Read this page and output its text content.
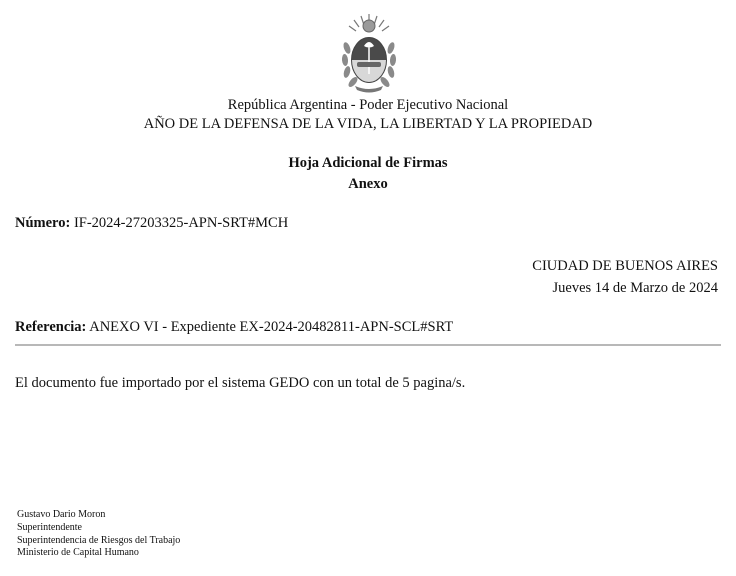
República Argentina - Poder Ejecutivo Nacional
AÑO DE LA DEFENSA DE LA VIDA, LA LIBERTAD Y LA PROPIEDAD
Hoja Adicional de Firmas
Anexo
Número: IF-2024-27203325-APN-SRT#MCH
CIUDAD DE BUENOS AIRES
Jueves 14 de Marzo de 2024
Referencia: ANEXO VI - Expediente EX-2024-20482811-APN-SCL#SRT
El documento fue importado por el sistema GEDO con un total de 5 pagina/s.
Gustavo Dario Moron
Superintendente
Superintendencia de Riesgos del Trabajo
Ministerio de Capital Humano
